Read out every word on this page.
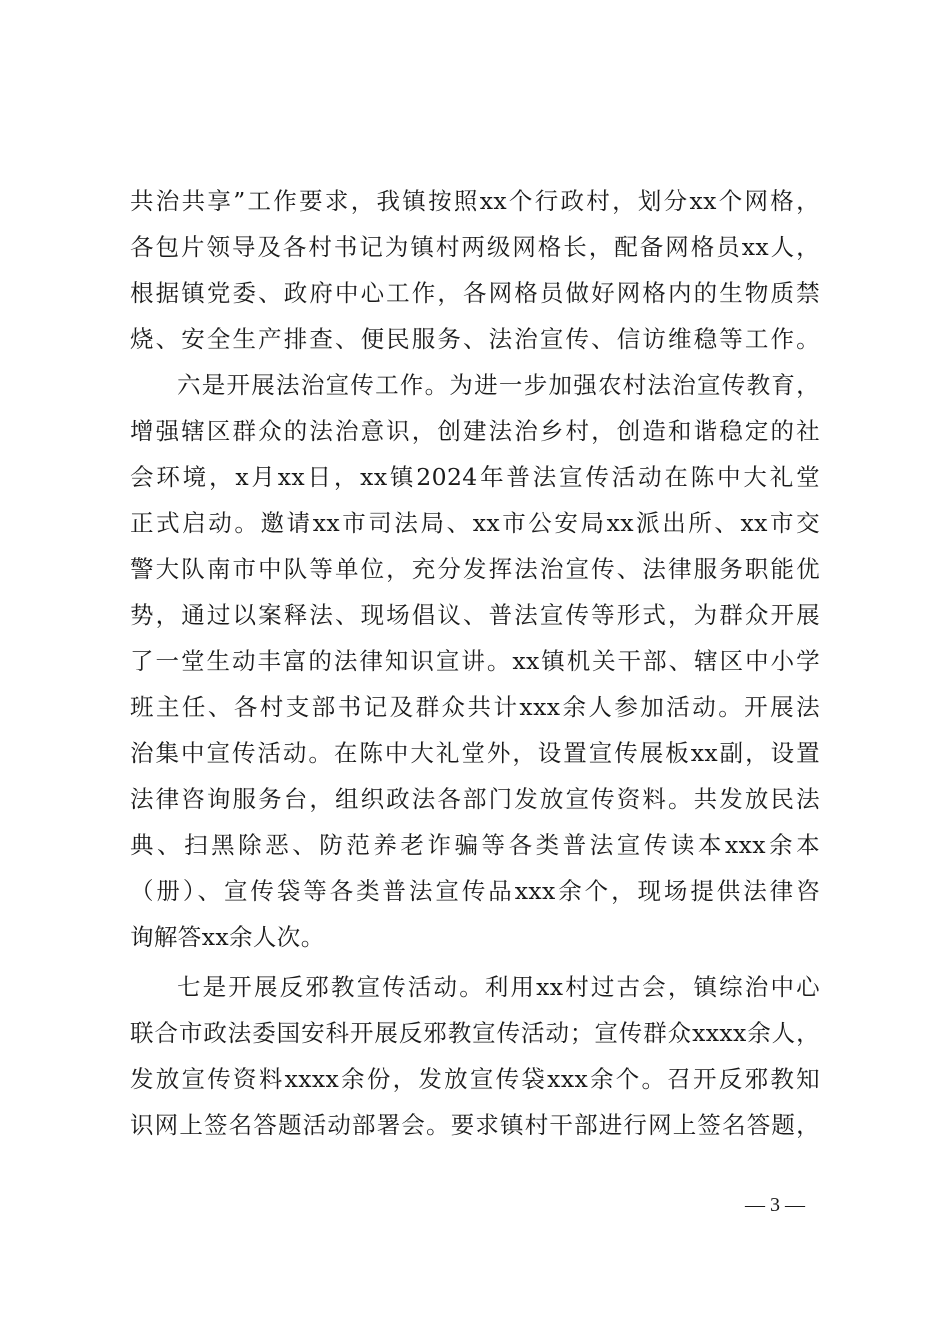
共治共享”工作要求，我镇按照xx个行政村，划分xx个网格，
各包片领导及各村书记为镇村两级网格长，配备网格员xx人，
根据镇党委、政府中心工作，各网格员做好网格内的生物质禁
烧、安全生产排查、便民服务、法治宣传、信访维稳等工作。
六是开展法治宣传工作。为进一步加强农村法治宣传教育，
增强辖区群众的法治意识，创建法治乡村，创造和谐稳定的社
会环境，x月xx日，xx镇2024年普法宣传活动在陈中大礼堂
正式启动。邀请xx市司法局、xx市公安局xx派出所、xx市交
警大队南市中队等单位，充分发挥法治宣传、法律服务职能优
势，通过以案释法、现场倡议、普法宣传等形式，为群众开展
了一堂生动丰富的法律知识宣讲。xx镇机关干部、辖区中小学
班主任、各村支部书记及群众共计xxx余人参加活动。开展法
治集中宣传活动。在陈中大礼堂外，设置宣传展板xx副，设置
法律咨询服务台，组织政法各部门发放宣传资料。共发放民法
典、扫黑除恶、防范养老诈骗等各类普法宣传读本xxx余本
（册）、宣传袋等各类普法宣传品xxx余个，现场提供法律咨
询解答xx余人次。
七是开展反邪教宣传活动。利用xx村过古会，镇综治中心
联合市政法委国安科开展反邪教宣传活动；宣传群众xxxx余人，
发放宣传资料xxxx余份，发放宣传袋xxx余个。召开反邪教知
识网上签名答题活动部署会。要求镇村干部进行网上签名答题，
— 3 —
